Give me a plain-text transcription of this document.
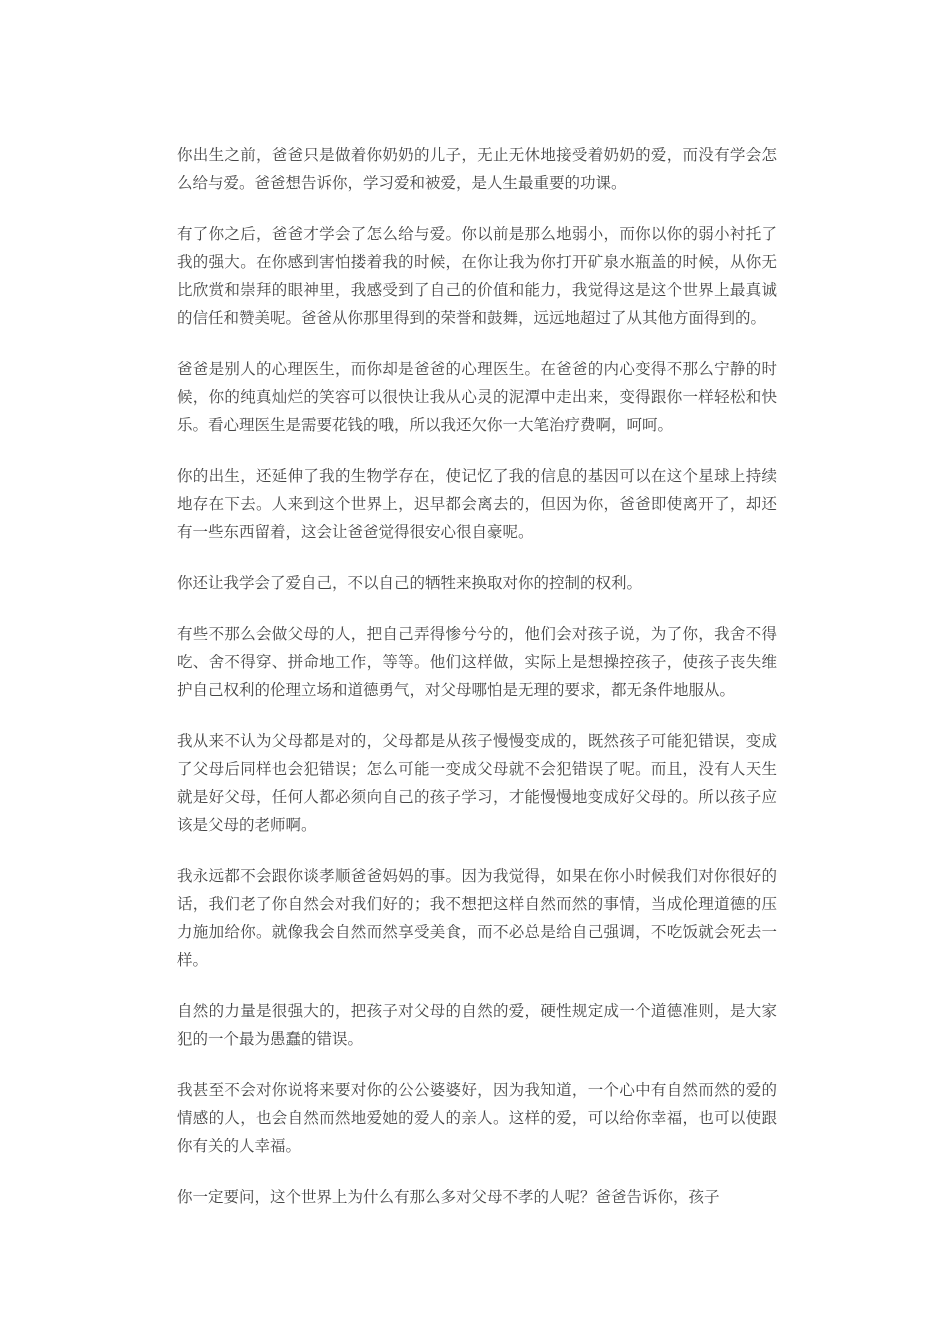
你出生之前，爸爸只是做着你奶奶的儿子，无止无休地接受着奶奶的爱，而没有学会怎么给与爱。爸爸想告诉你，学习爱和被爱，是人生最重要的功课。

有了你之后，爸爸才学会了怎么给与爱。你以前是那么地弱小，而你以你的弱小衬托了我的强大。在你感到害怕搂着我的时候，在你让我为你打开矿泉水瓶盖的时候，从你无比欣赏和崇拜的眼神里，我感受到了自己的价值和能力，我觉得这是这个世界上最真诚的信任和赞美呢。爸爸从你那里得到的荣誉和鼓舞，远远地超过了从其他方面得到的。

爸爸是别人的心理医生，而你却是爸爸的心理医生。在爸爸的内心变得不那么宁静的时候，你的纯真灿烂的笑容可以很快让我从心灵的泥潭中走出来，变得跟你一样轻松和快乐。看心理医生是需要花钱的哦，所以我还欠你一大笔治疗费啊，呵呵。

你的出生，还延伸了我的生物学存在，使记忆了我的信息的基因可以在这个星球上持续地存在下去。人来到这个世界上，迟早都会离去的，但因为你，爸爸即使离开了，却还有一些东西留着，这会让爸爸觉得很安心很自豪呢。

你还让我学会了爱自己，不以自己的牺牲来换取对你的控制的权利。

有些不那么会做父母的人，把自己弄得惨兮兮的，他们会对孩子说，为了你，我舍不得吃、舍不得穿、拼命地工作，等等。他们这样做，实际上是想操控孩子，使孩子丧失维护自己权利的伦理立场和道德勇气，对父母哪怕是无理的要求，都无条件地服从。

我从来不认为父母都是对的，父母都是从孩子慢慢变成的，既然孩子可能犯错误，变成了父母后同样也会犯错误；怎么可能一变成父母就不会犯错误了呢。而且，没有人天生就是好父母，任何人都必须向自己的孩子学习，才能慢慢地变成好父母的。所以孩子应该是父母的老师啊。

我永远都不会跟你谈孝顺爸爸妈妈的事。因为我觉得，如果在你小时候我们对你很好的话，我们老了你自然会对我们好的；我不想把这样自然而然的事情，当成伦理道德的压力施加给你。就像我会自然而然享受美食，而不必总是给自己强调，不吃饭就会死去一样。

自然的力量是很强大的，把孩子对父母的自然的爱，硬性规定成一个道德准则，是大家犯的一个最为愚蠢的错误。

我甚至不会对你说将来要对你的公公婆婆好，因为我知道，一个心中有自然而然的爱的情感的人，也会自然而然地爱她的爱人的亲人。这样的爱，可以给你幸福，也可以使跟你有关的人幸福。

你一定要问，这个世界上为什么有那么多对父母不孝的人呢？爸爸告诉你，孩子
